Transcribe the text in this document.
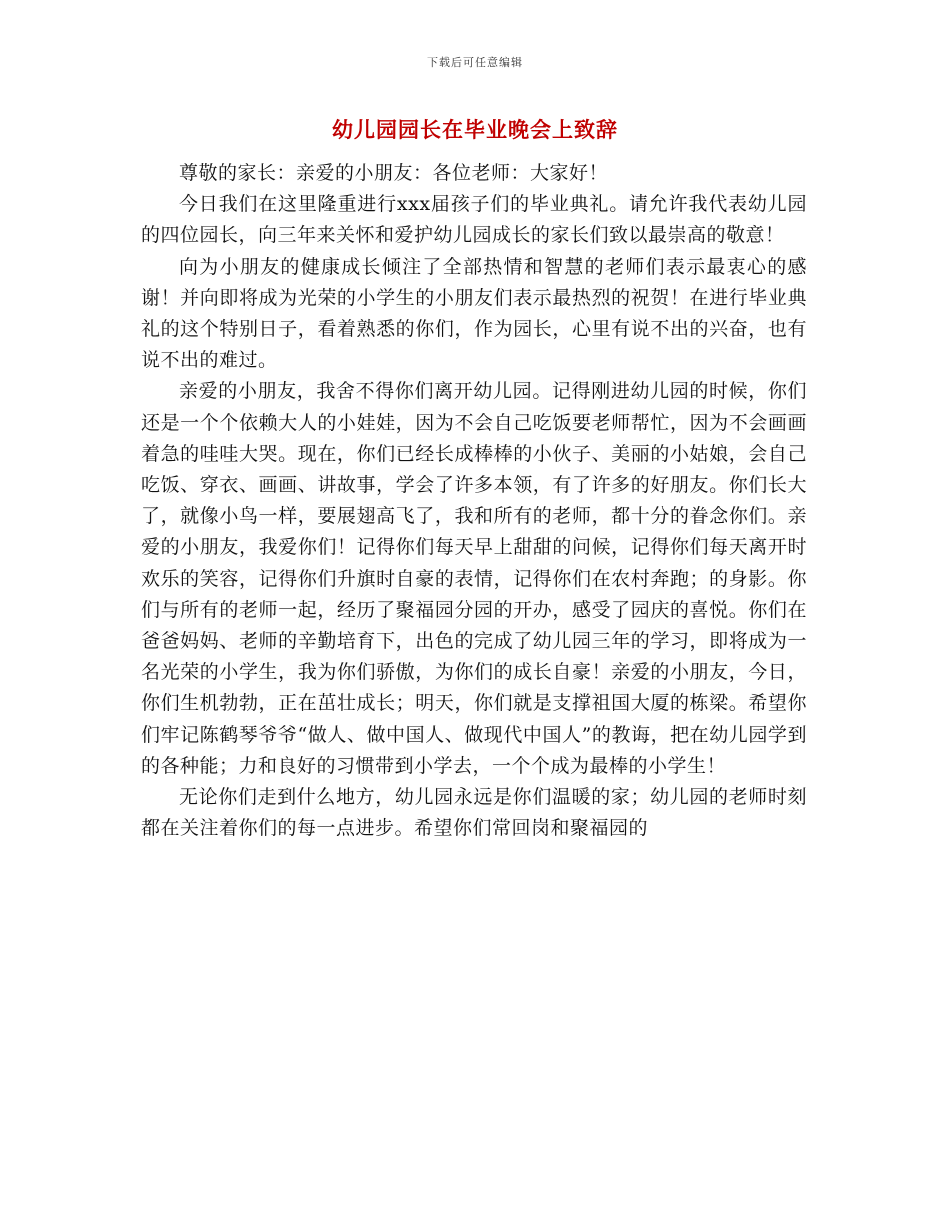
下载后可任意编辑
幼儿园园长在毕业晚会上致辞

尊敬的家长：亲爱的小朋友：各位老师：大家好！

今日我们在这里隆重进行xxx届孩子们的毕业典礼。请允许我代表幼儿园的四位园长，向三年来关怀和爱护幼儿园成长的家长们致以最崇高的敬意！

向为小朋友的健康成长倾注了全部热情和智慧的老师们表示最衷心的感谢！并向即将成为光荣的小学生的小朋友们表示最热烈的祝贺！在进行毕业典礼的这个特别日子，看着熟悉的你们，作为园长，心里有说不出的兴奋，也有说不出的难过。

亲爱的小朋友，我舍不得你们离开幼儿园。记得刚进幼儿园的时候，你们还是一个个依赖大人的小娃娃，因为不会自己吃饭要老师帮忙，因为不会画画着急的哇哇大哭。现在，你们已经长成棒棒的小伙子、美丽的小姑娘，会自己吃饭、穿衣、画画、讲故事，学会了许多本领，有了许多的好朋友。你们长大了，就像小鸟一样，要展翅高飞了，我和所有的老师，都十分的眷念你们。亲爱的小朋友，我爱你们！记得你们每天早上甜甜的问候，记得你们每天离开时欢乐的笑容，记得你们升旗时自豪的表情，记得你们在农村奔跑；的身影。你们与所有的老师一起，经历了聚福园分园的开办，感受了园庆的喜悦。你们在爸爸妈妈、老师的辛勤培育下，出色的完成了幼儿园三年的学习，即将成为一名光荣的小学生，我为你们骄傲，为你们的成长自豪！亲爱的小朋友，今日，你们生机勃勃，正在茁壮成长；明天，你们就是支撑祖国大厦的栋梁。希望你们牢记陈鹤琴爷爷“做人、做中国人、做现代中国人”的教诲，把在幼儿园学到的各种能；力和良好的习惯带到小学去，一个个成为最棒的小学生！

无论你们走到什么地方，幼儿园永远是你们温暖的家；幼儿园的老师时刻都在关注着你们的每一点进步。希望你们常回岗和聚福园的
